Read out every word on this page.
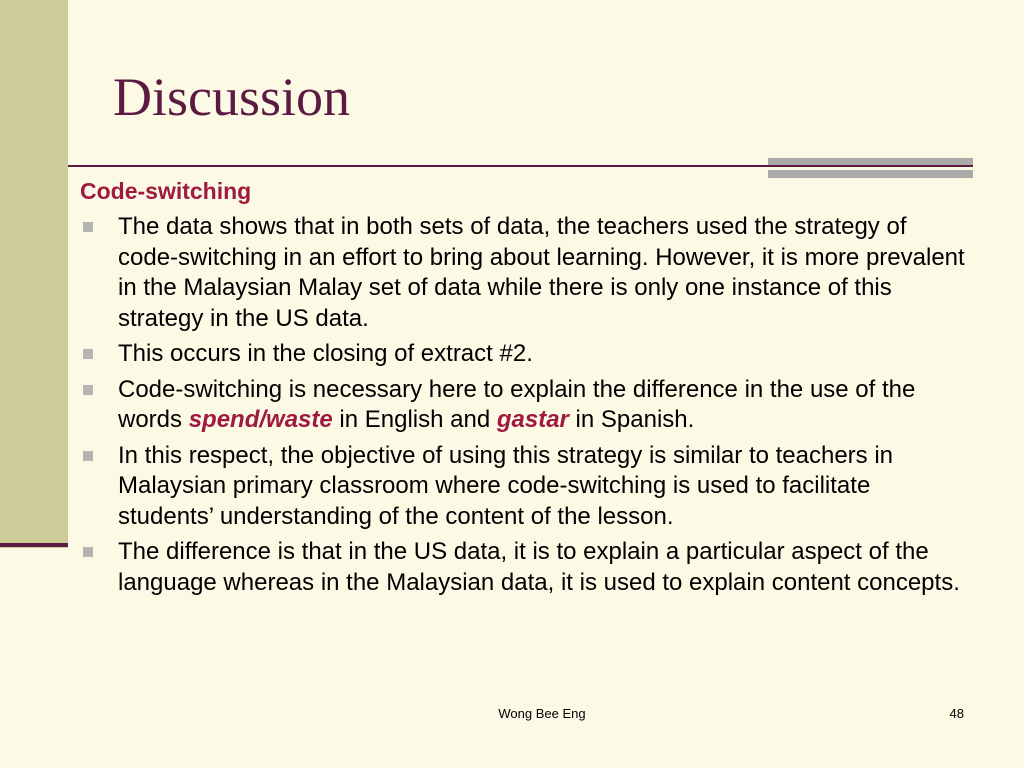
Discussion
Code-switching
The data shows that in both sets of data, the teachers used the strategy of code-switching in an effort to bring about learning. However, it is more prevalent in the Malaysian Malay set of data while there is only one instance of this strategy in the US data.
This occurs in the closing of extract #2.
Code-switching is necessary here to explain the difference in the use of the words spend/waste in English and gastar in Spanish.
In this respect, the objective of using this strategy is similar to teachers in Malaysian primary classroom where code-switching is used to facilitate students’ understanding of the content of the lesson.
The difference is that in the US data, it is to explain a particular aspect of the language whereas in the Malaysian data, it is used to explain content concepts.
Wong Bee Eng	48
